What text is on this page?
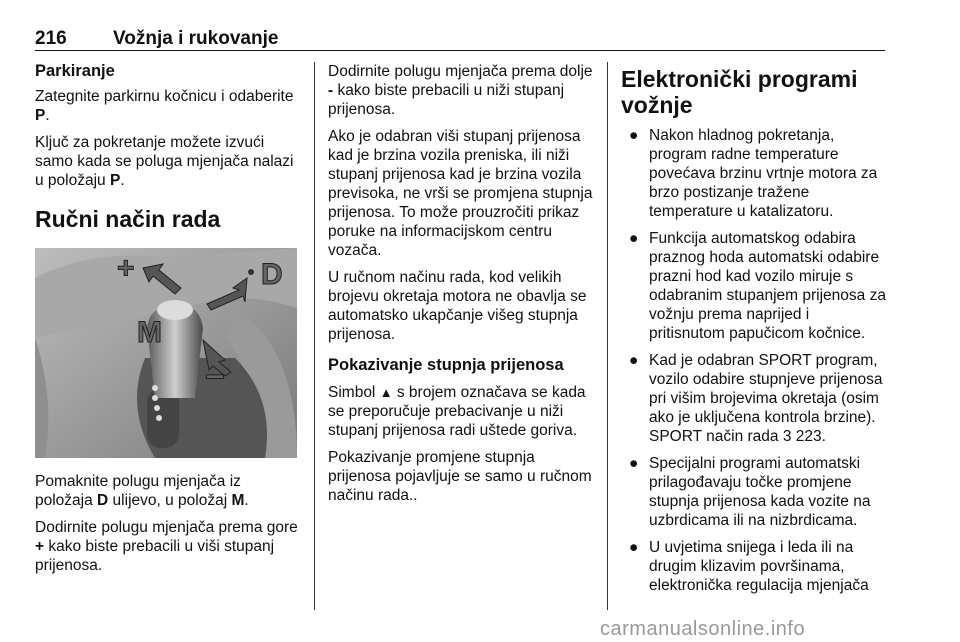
216 Vožnja i rukovanje
Parkiranje

Zategnite parkirnu kočnicu i odaberite P.

Ključ za pokretanje možete izvući samo kada se poluga mjenjača nalazi u položaju P.

Ručni način rada
+	D
M
−

Pomaknite polugu mjenjača iz položaja D ulijevo, u položaj M.

Dodirnite polugu mjenjača prema gore + kako biste prebacili u viši stupanj prijenosa.

Dodirnite polugu mjenjača prema dolje - kako biste prebacili u niži stupanj prijenosa.

Ako je odabran viši stupanj prijenosa kad je brzina vozila preniska, ili niži stupanj prijenosa kad je brzina vozila previsoka, ne vrši se promjena stupnja prijenosa. To može prouzročiti prikaz poruke na informacijskom centru vozača.

U ručnom načinu rada, kod velikih brojevu okretaja motora ne obavlja se automatsko ukapčanje višeg stupnja prijenosa.

Pokazivanje stupnja prijenosa

Simbol ▲ s brojem označava se kada se preporučuje prebacivanje u niži stupanj prijenosa radi uštede goriva.

Pokazivanje promjene stupnja prijenosa pojavljuje se samo u ručnom načinu rada..

Elektronički programi vožnje
● Nakon hladnog pokretanja, program radne temperature povećava brzinu vrtnje motora za brzo postizanje tražene temperature u katalizatoru.
● Funkcija automatskog odabira praznog hoda automatski odabire prazni hod kad vozilo miruje s odabranim stupanjem prijenosa za vožnju prema naprijed i pritisnutom papučicom kočnice.
● Kad je odabran SPORT program, vozilo odabire stupnjeve prijenosa pri višim brojevima okretaja (osim ako je uključena kontrola brzine). SPORT način rada 3 223.
● Specijalni programi automatski prilagođavaju točke promjene stupnja prijenosa kada vozite na uzbrdicama ili na nizbrdicama.
● U uvjetima snijega i leda ili na drugim klizavim površinama, elektronička regulacija mjenjača
carmanualsonline.info
